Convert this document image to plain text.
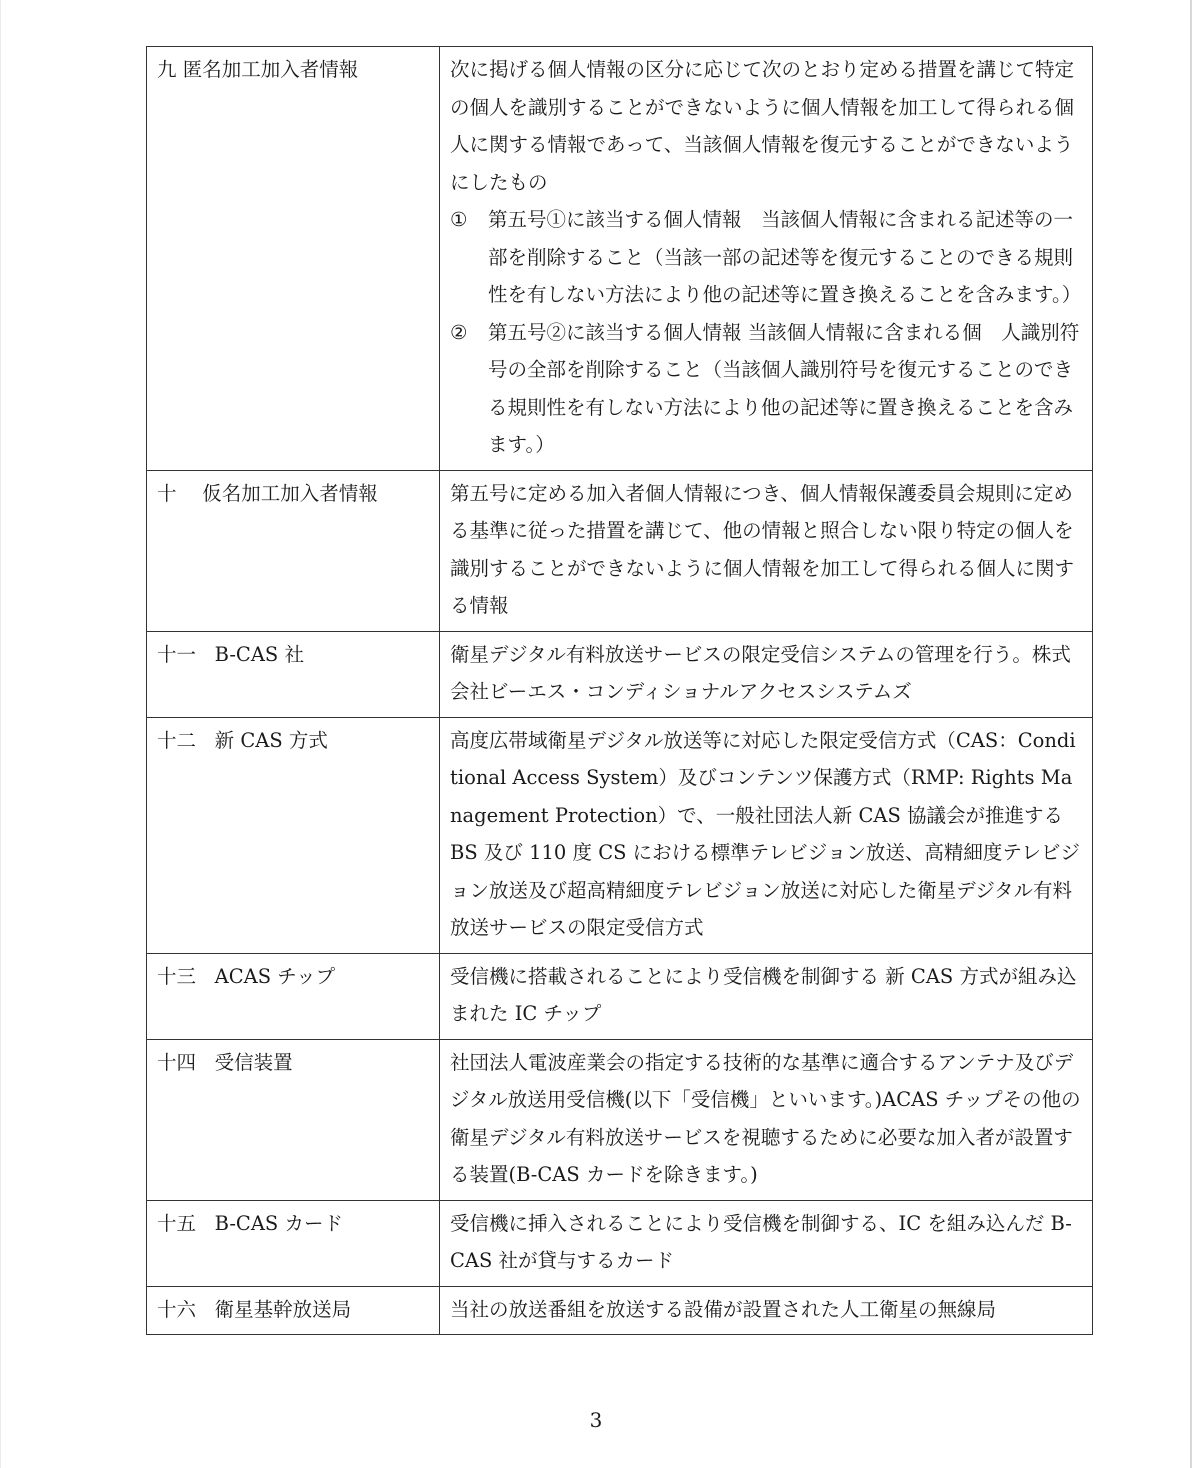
九 匿名加工加入者情報	次に掲げる個人情報の区分に応じて次のとおり定める措置を講じて特定の個人を識別することができないように個人情報を加工して得られる個人に関する情報であって、当該個人情報を復元することができないようにしたもの
① 第五号①に該当する個人情報　当該個人情報に含まれる記述等の一部を削除すること（当該一部の記述等を復元することのできる規則性を有しない方法により他の記述等に置き換えることを含みます。）
② 第五号②に該当する個人情報 当該個人情報に含まれる個　人識別符号の全部を削除すること（当該個人識別符号を復元することのできる規則性を有しない方法により他の記述等に置き換えることを含みます。）

十　 仮名加工加入者情報	第五号に定める加入者個人情報につき、個人情報保護委員会規則に定める基準に従った措置を講じて、他の情報と照合しない限り特定の個人を識別することができないように個人情報を加工して得られる個人に関する情報

十一 B-CAS 社	衛星デジタル有料放送サービスの限定受信システムの管理を行う。株式会社ビーエス・コンディショナルアクセスシステムズ

十二 新 CAS 方式	高度広帯域衛星デジタル放送等に対応した限定受信方式（CAS：Conditional Access System）及びコンテンツ保護方式（RMP: Rights Management Protection）で、一般社団法人新 CAS 協議会が推進する BS 及び 110 度 CS における標準テレビジョン放送、高精細度テレビジョン放送及び超高精細度テレビジョン放送に対応した衛星デジタル有料放送サービスの限定受信方式

十三 ACAS チップ	受信機に搭載されることにより受信機を制御する 新 CAS 方式が組み込まれた IC チップ

十四 受信装置	社団法人電波産業会の指定する技術的な基準に適合するアンテナ及びデジタル放送用受信機(以下「受信機」といいます。)ACAS チップその他の衛星デジタル有料放送サービスを視聴するために必要な加入者が設置する装置(B-CAS カードを除きます。)

十五 B-CAS カード	受信機に挿入されることにより受信機を制御する、IC を組み込んだ B-CAS 社が貸与するカード

十六 衛星基幹放送局	当社の放送番組を放送する設備が設置された人工衛星の無線局
3
